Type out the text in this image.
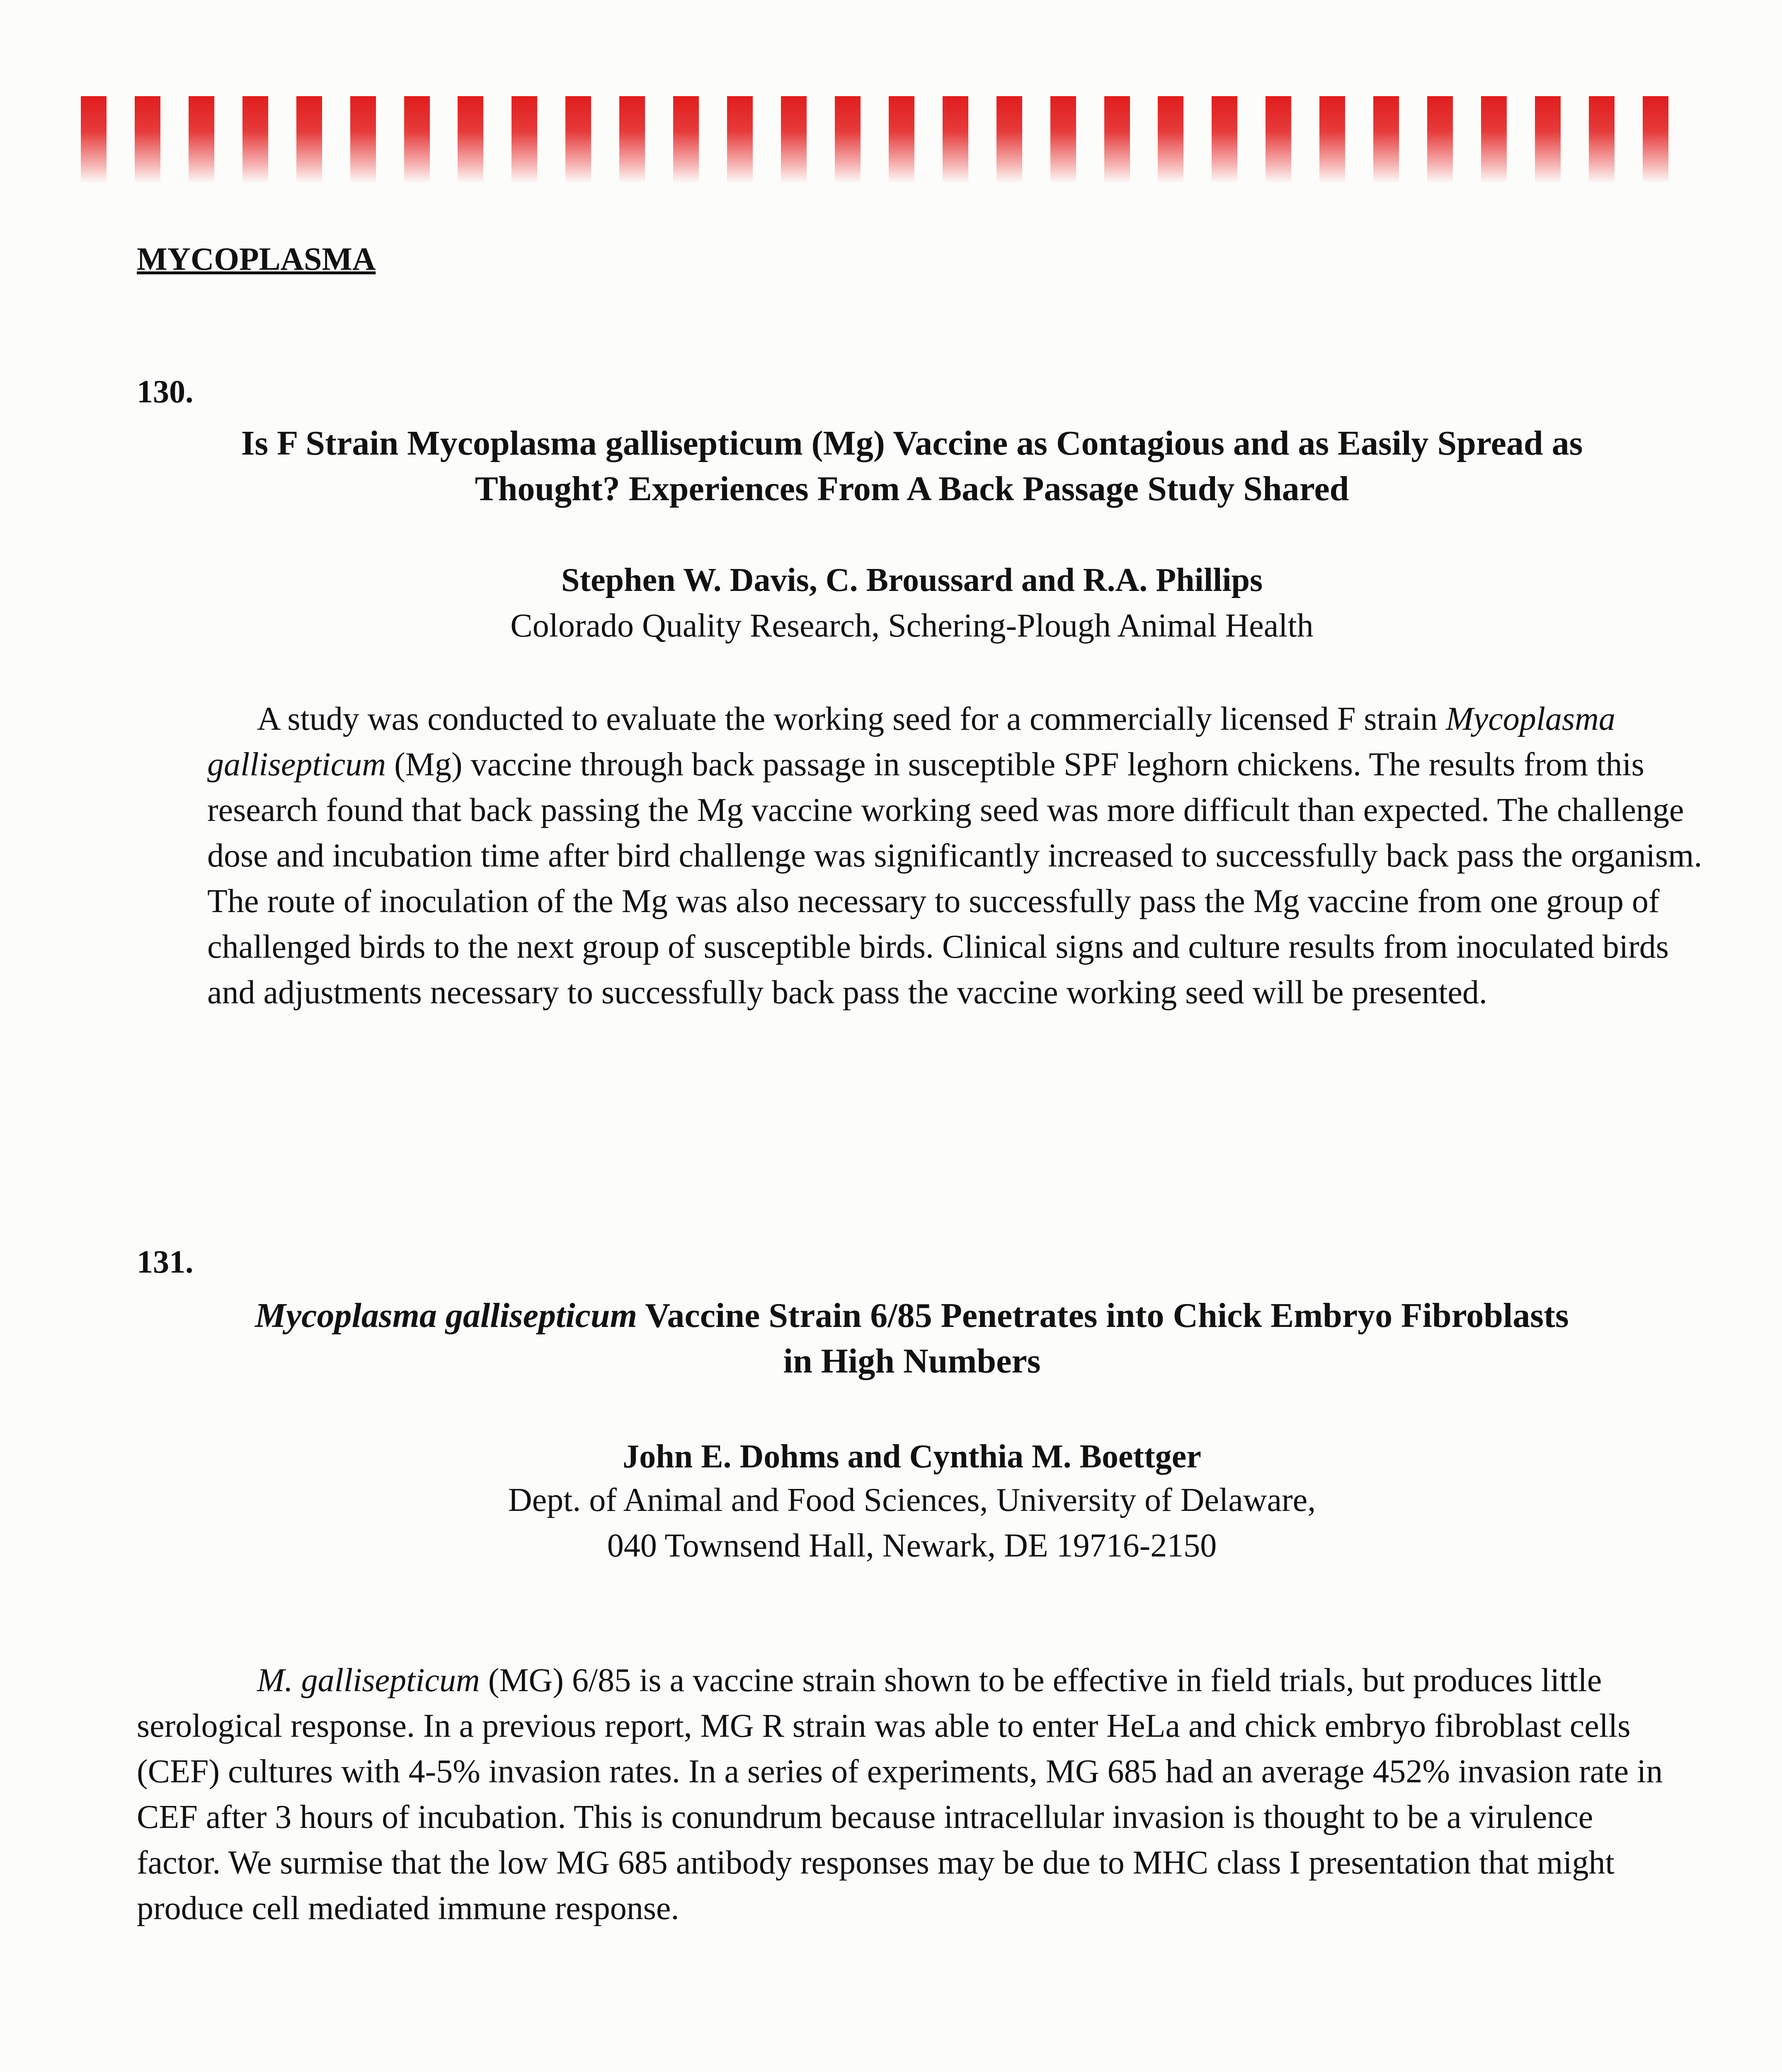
MYCOPLASMA
130.
Is F Strain Mycoplasma gallisepticum (Mg) Vaccine as Contagious and as Easily Spread as
Thought? Experiences From A Back Passage Study Shared
Stephen W. Davis, C. Broussard and R.A. Phillips
Colorado Quality Research, Schering-Plough Animal Health
A study was conducted to evaluate the working seed for a commercially licensed F strain Mycoplasma gallisepticum (Mg) vaccine through back passage in susceptible SPF leghorn chickens. The results from this research found that back passing the Mg vaccine working seed was more difficult than expected. The challenge dose and incubation time after bird challenge was significantly increased to successfully back pass the organism. The route of inoculation of the Mg was also necessary to successfully pass the Mg vaccine from one group of challenged birds to the next group of susceptible birds. Clinical signs and culture results from inoculated birds and adjustments necessary to successfully back pass the vaccine working seed will be presented.
131.
Mycoplasma gallisepticum Vaccine Strain 6/85 Penetrates into Chick Embryo Fibroblasts
in High Numbers
John E. Dohms and Cynthia M. Boettger
Dept. of Animal and Food Sciences, University of Delaware,
040 Townsend Hall, Newark, DE 19716-2150
M. gallisepticum (MG) 6/85 is a vaccine strain shown to be effective in field trials, but produces little serological response. In a previous report, MG R strain was able to enter HeLa and chick embryo fibroblast cells (CEF) cultures with 4-5% invasion rates. In a series of experiments, MG 685 had an average 452% invasion rate in CEF after 3 hours of incubation. This is conundrum because intracellular invasion is thought to be a virulence factor. We surmise that the low MG 685 antibody responses may be due to MHC class I presentation that might produce cell mediated immune response.
